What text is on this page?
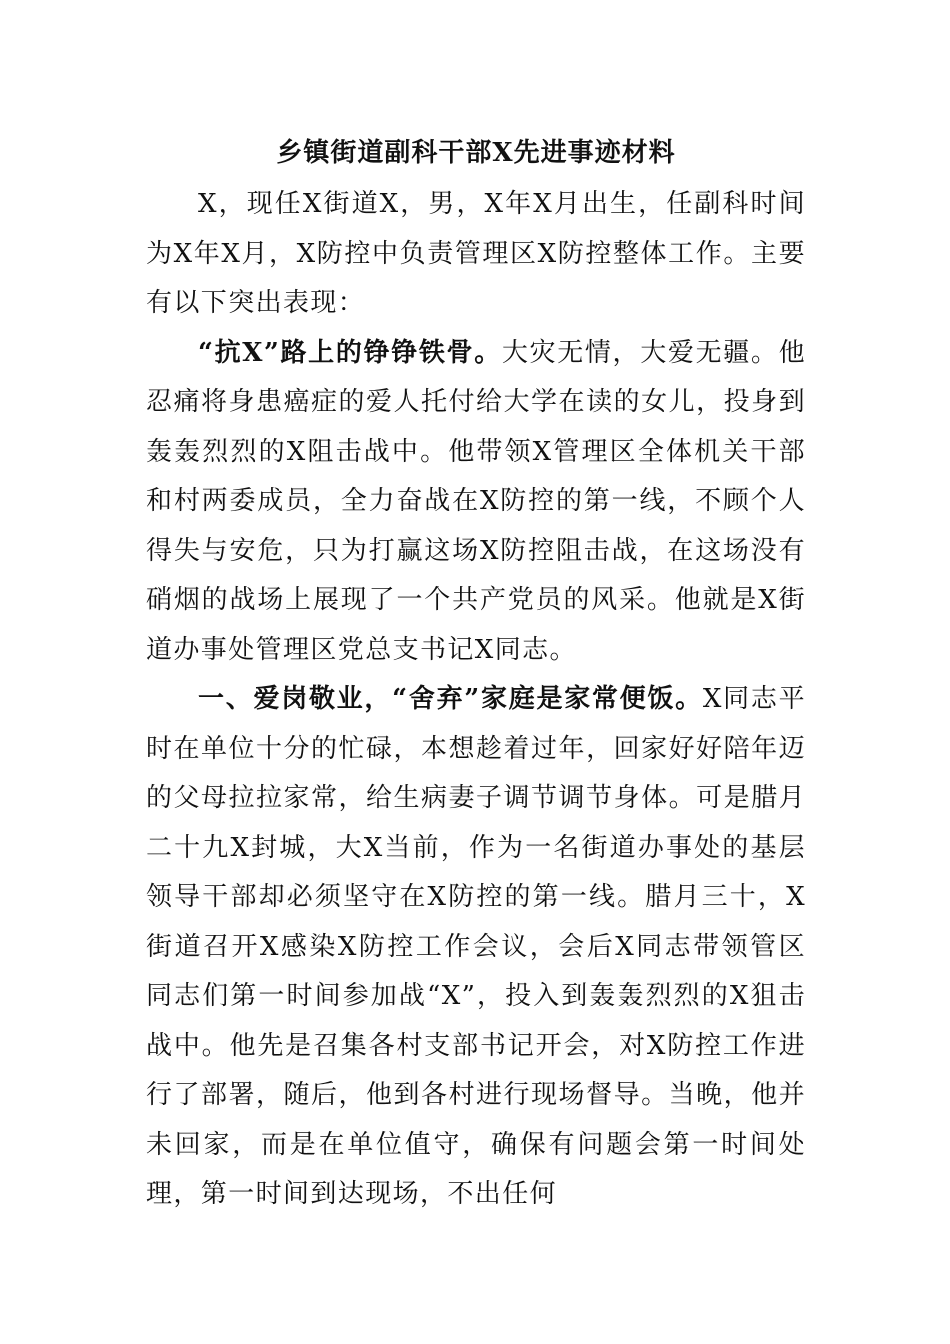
乡镇街道副科干部X先进事迹材料

X，现任X街道X，男，X年X月出生，任副科时间为X年X月，X防控中负责管理区X防控整体工作。主要有以下突出表现：

“抗X”路上的铮铮铁骨。大灾无情，大爱无疆。他忍痛将身患癌症的爱人托付给大学在读的女儿，投身到轰轰烈烈的X阻击战中。他带领X管理区全体机关干部和村两委成员，全力奋战在X防控的第一线，不顾个人得失与安危，只为打赢这场X防控阻击战，在这场没有硝烟的战场上展现了一个共产党员的风采。他就是X街道办事处管理区党总支书记X同志。

一、爱岗敬业，“舍弃”家庭是家常便饭。X同志平时在单位十分的忙碌，本想趁着过年，回家好好陪年迈的父母拉拉家常，给生病妻子调节调节身体。可是腊月二十九X封城，大X当前，作为一名街道办事处的基层领导干部却必须坚守在X防控的第一线。腊月三十，X街道召开X感染X防控工作会议，会后X同志带领管区同志们第一时间参加战“X”，投入到轰轰烈烈的X狙击战中。他先是召集各村支部书记开会，对X防控工作进行了部署，随后，他到各村进行现场督导。当晚，他并未回家，而是在单位值守，确保有问题会第一时间处理，第一时间到达现场，不出任何
